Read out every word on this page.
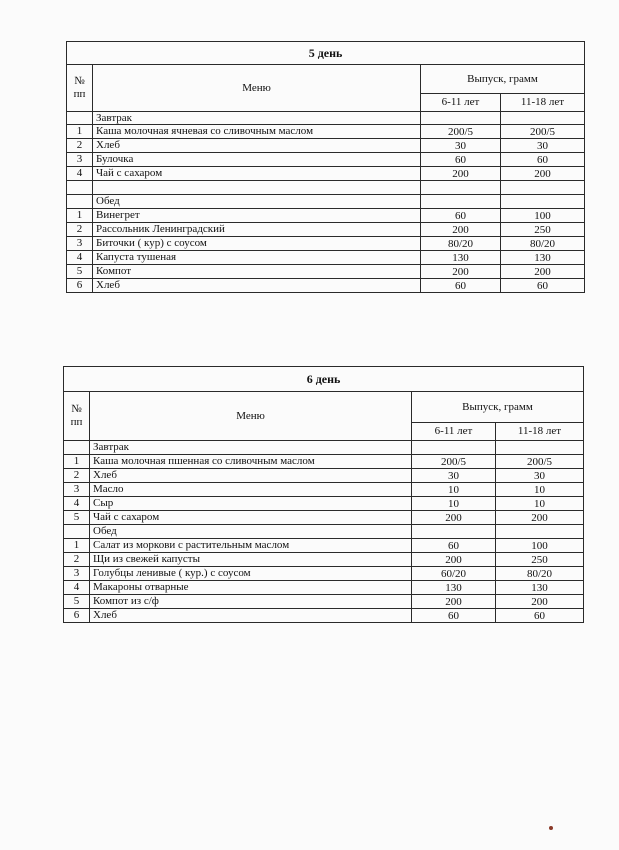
5 день			
№
пп	Меню	Выпуск, грамм	
		6-11 лет	11-18 лет
	Завтрак		
1	Каша молочная ячневая со сливочным маслом	200/5	200/5
2	Хлеб	30	30
3	Булочка	60	60
4	Чай с сахаром	200	200

	Обед		
1	Винегрет	60	100
2	Рассольник Ленинградский	200	250
3	Биточки ( кур) с соусом	80/20	80/20
4	Капуста тушеная	130	130
5	Компот	200	200
6	Хлеб	60	60
6 день			
№
пп	Меню	Выпуск, грамм	
		6-11 лет	11-18 лет
	Завтрак		
1	Каша молочная пшенная со сливочным маслом	200/5	200/5
2	Хлеб	30	30
3	Масло	10	10
4	Сыр	10	10
5	Чай с сахаром	200	200
	Обед		
1	Салат из моркови с растительным маслом	60	100
2	Щи из свежей капусты	200	250
3	Голубцы ленивые ( кур.) с соусом	60/20	80/20
4	Макароны отварные	130	130
5	Компот из с/ф	200	200
6	Хлеб	60	60
